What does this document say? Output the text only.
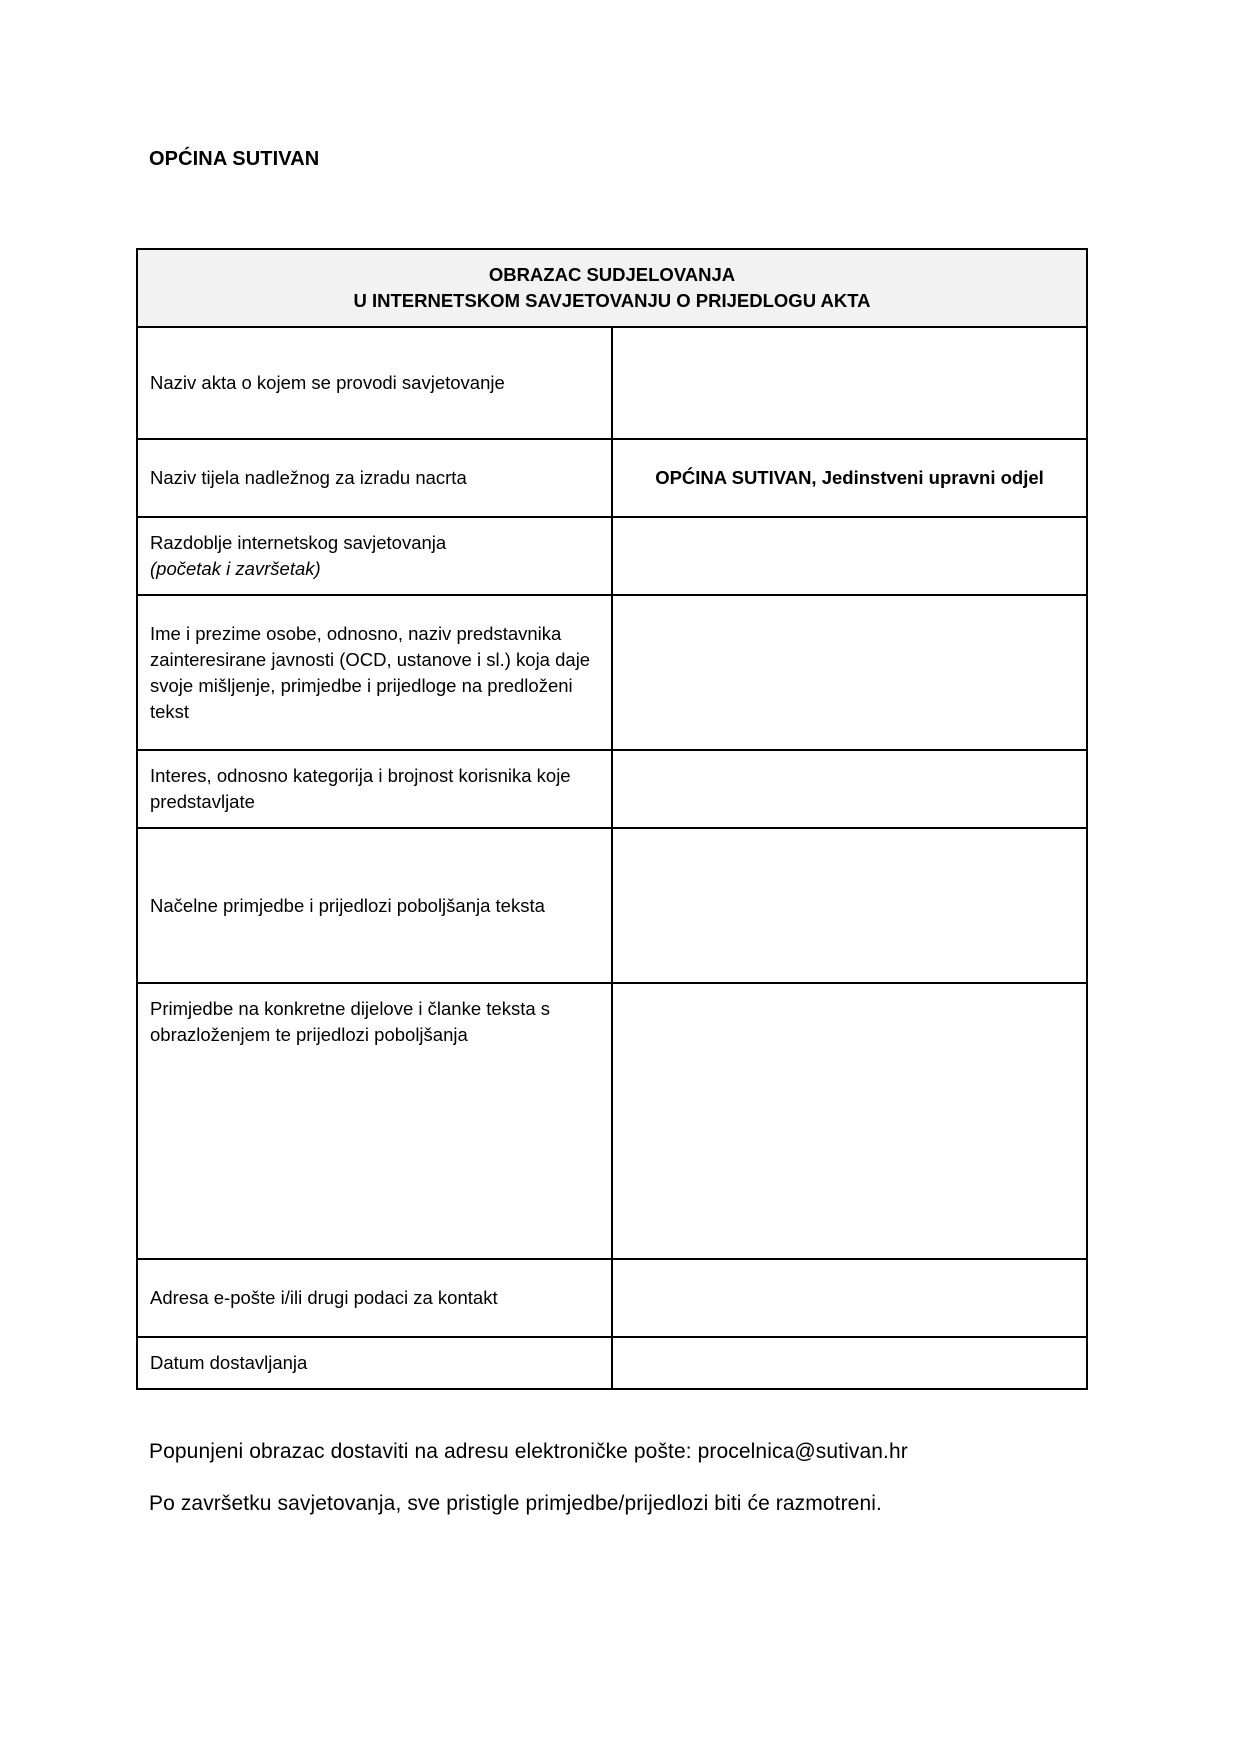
OPĆINA SUTIVAN
OBRAZAC SUDJELOVANJA
U INTERNETSKOM SAVJETOVANJU O PRIJEDLOGU AKTA	

Naziv akta o kojem se provodi savjetovanje	
Naziv tijela nadležnog za izradu nacrta	OPĆINA SUTIVAN, Jedinstveni upravni odjel
Razdoblje internetskog savjetovanja
(početak i završetak)	

Ime i prezime osobe, odnosno, naziv predstavnika zainteresirane javnosti (OCD, ustanove i sl.) koja daje svoje mišljenje, primjedbe i prijedloge na predloženi tekst	
Interes, odnosno kategorija i brojnost korisnika koje predstavljate	
Načelne primjedbe i prijedlozi poboljšanja teksta	
Primjedbe na konkretne dijelove i članke teksta s obrazloženjem te prijedlozi poboljšanja	
Adresa e-pošte i/ili drugi podaci za kontakt	
Datum dostavljanja	
Popunjeni obrazac dostaviti na adresu elektroničke pošte: procelnica@sutivan.hr
Po završetku savjetovanja, sve pristigle primjedbe/prijedlozi biti će razmotreni.
